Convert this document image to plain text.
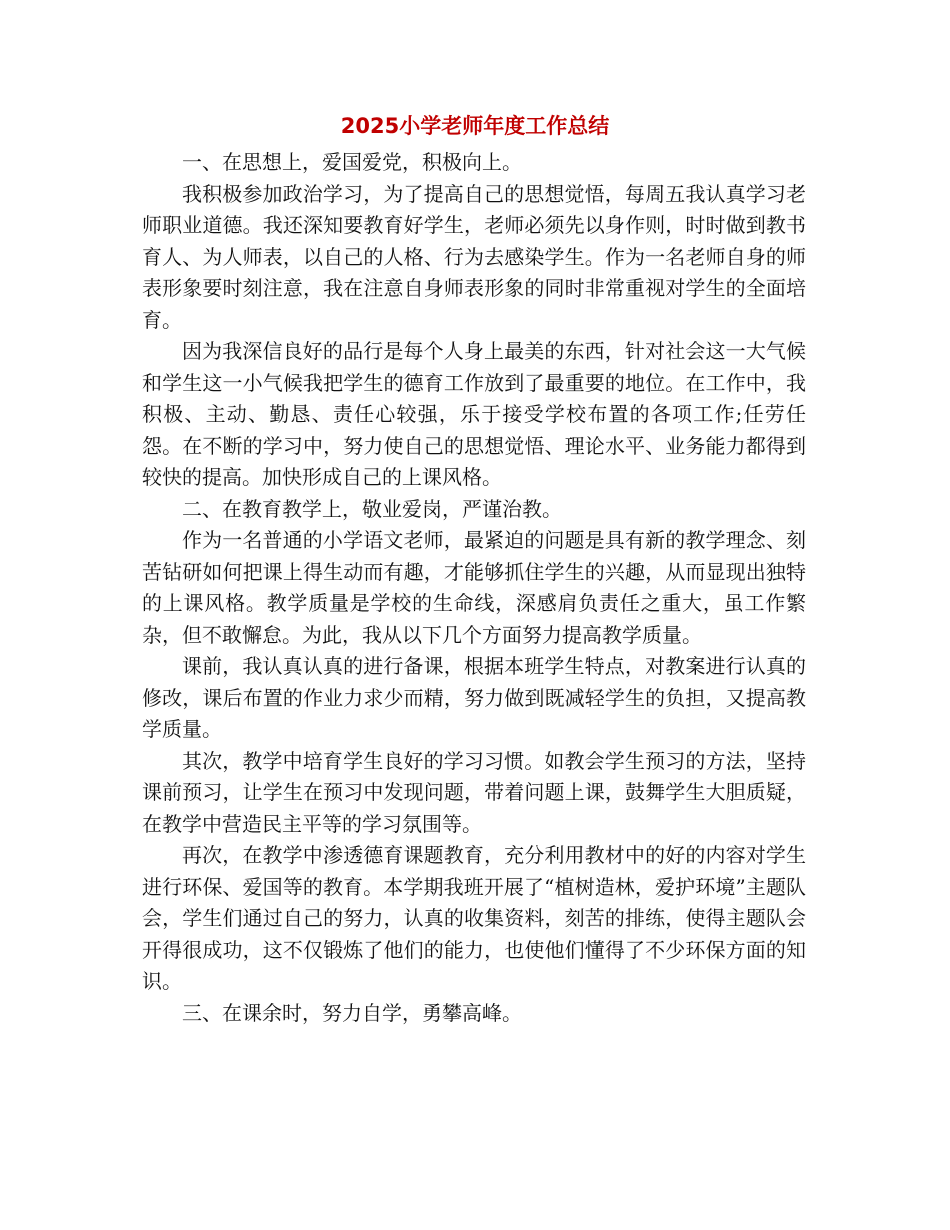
2025小学老师年度工作总结

一、在思想上，爱国爱党，积极向上。

我积极参加政治学习，为了提高自己的思想觉悟，每周五我认真学习老师职业道德。我还深知要教育好学生，老师必须先以身作则，时时做到教书育人、为人师表，以自己的人格、行为去感染学生。作为一名老师自身的师表形象要时刻注意，我在注意自身师表形象的同时非常重视对学生的全面培育。

因为我深信良好的品行是每个人身上最美的东西，针对社会这一大气候和学生这一小气候我把学生的德育工作放到了最重要的地位。在工作中，我积极、主动、勤恳、责任心较强，乐于接受学校布置的各项工作;任劳任怨。在不断的学习中，努力使自己的思想觉悟、理论水平、业务能力都得到较快的提高。加快形成自己的上课风格。

二、在教育教学上，敬业爱岗，严谨治教。

作为一名普通的小学语文老师，最紧迫的问题是具有新的教学理念、刻苦钻研如何把课上得生动而有趣，才能够抓住学生的兴趣，从而显现出独特的上课风格。教学质量是学校的生命线，深感肩负责任之重大，虽工作繁杂，但不敢懈怠。为此，我从以下几个方面努力提高教学质量。

课前，我认真认真的进行备课，根据本班学生特点，对教案进行认真的修改，课后布置的作业力求少而精，努力做到既减轻学生的负担，又提高教学质量。

其次，教学中培育学生良好的学习习惯。如教会学生预习的方法，坚持课前预习，让学生在预习中发现问题，带着问题上课，鼓舞学生大胆质疑，在教学中营造民主平等的学习氛围等。

再次，在教学中渗透德育课题教育，充分利用教材中的好的内容对学生进行环保、爱国等的教育。本学期我班开展了“植树造林，爱护环境”主题队会，学生们通过自己的努力，认真的收集资料，刻苦的排练，使得主题队会开得很成功，这不仅锻炼了他们的能力，也使他们懂得了不少环保方面的知识。

三、在课余时，努力自学，勇攀高峰。
